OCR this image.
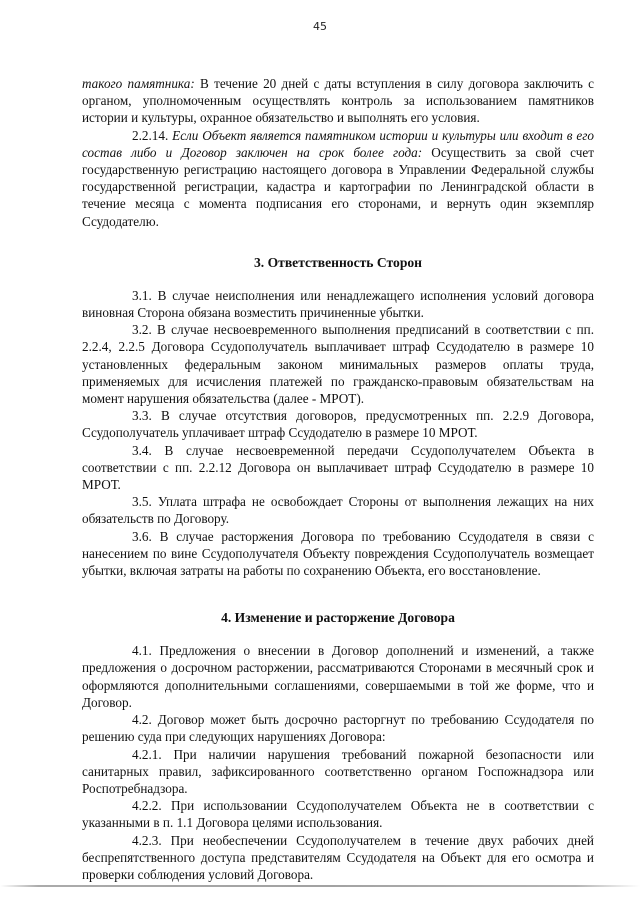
45

такого памятника: В течение 20 дней с даты вступления в силу договора заключить с органом, уполномоченным осуществлять контроль за использованием памятников истории и культуры, охранное обязательство и выполнять его условия.

2.2.14. Если Объект является памятником истории и культуры или входит в его состав либо и Договор заключен на срок более года: Осуществить за свой счет государственную регистрацию настоящего договора в Управлении Федеральной службы государственной регистрации, кадастра и картографии по Ленинградской области в течение месяца с момента подписания его сторонами, и вернуть один экземпляр Ссудодателю.

3. Ответственность Сторон

3.1. В случае неисполнения или ненадлежащего исполнения условий договора виновная Сторона обязана возместить причиненные убытки.

3.2. В случае несвоевременного выполнения предписаний в соответствии с пп. 2.2.4, 2.2.5 Договора Ссудополучатель выплачивает штраф Ссудодателю в размере 10 установленных федеральным законом минимальных размеров оплаты труда, применяемых для исчисления платежей по гражданско-правовым обязательствам на момент нарушения обязательства (далее - МРОТ).

3.3. В случае отсутствия договоров, предусмотренных пп. 2.2.9 Договора, Ссудополучатель уплачивает штраф Ссудодателю в размере 10 МРОТ.

3.4. В случае несвоевременной передачи Ссудополучателем Объекта в соответствии с пп. 2.2.12 Договора он выплачивает штраф Ссудодателю в размере 10 МРОТ.

3.5. Уплата штрафа не освобождает Стороны от выполнения лежащих на них обязательств по Договору.

3.6. В случае расторжения Договора по требованию Ссудодателя в связи с нанесением по вине Ссудополучателя Объекту повреждения Ссудополучатель возмещает убытки, включая затраты на работы по сохранению Объекта, его восстановление.

4. Изменение и расторжение Договора

4.1. Предложения о внесении в Договор дополнений и изменений, а также предложения о досрочном расторжении, рассматриваются Сторонами в месячный срок и оформляются дополнительными соглашениями, совершаемыми в той же форме, что и Договор.

4.2. Договор может быть досрочно расторгнут по требованию Ссудодателя по решению суда при следующих нарушениях Договора:

4.2.1. При наличии нарушения требований пожарной безопасности или санитарных правил, зафиксированного соответственно органом Госпожнадзора или Роспотребнадзора.

4.2.2. При использовании Ссудополучателем Объекта не в соответствии с указанными в п. 1.1 Договора целями использования.

4.2.3. При необеспечении Ссудополучателем в течение двух рабочих дней беспрепятственного доступа представителям Ссудодателя на Объект для его осмотра и проверки соблюдения условий Договора.
